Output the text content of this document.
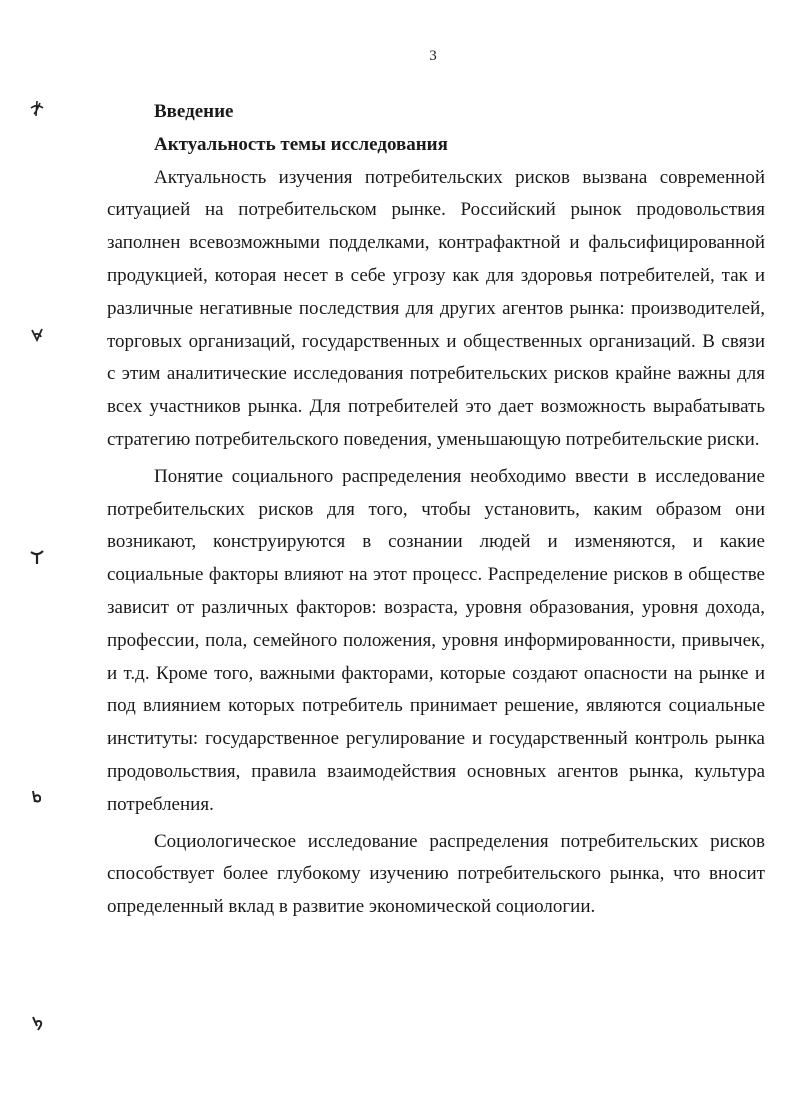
3

Введение

Актуальность темы исследования

Актуальность изучения потребительских рисков вызвана современной ситуацией на потребительском рынке. Российский рынок продовольствия заполнен всевозможными подделками, контрафактной и фальсифицированной продукцией, которая несет в себе угрозу как для здоровья потребителей, так и различные негативные последствия для других агентов рынка: производителей, торговых организаций, государственных и общественных организаций. В связи с этим аналитические исследования потребительских рисков крайне важны для всех участников рынка. Для потребителей это дает возможность вырабатывать стратегию потребительского поведения, уменьшающую потребительские риски.

Понятие социального распределения необходимо ввести в исследование потребительских рисков для того, чтобы установить, каким образом они возникают, конструируются в сознании людей и изменяются, и какие социальные факторы влияют на этот процесс. Распределение рисков в обществе зависит от различных факторов: возраста, уровня образования, уровня дохода, профессии, пола, семейного положения, уровня информированности, привычек, и т.д. Кроме того, важными факторами, которые создают опасности на рынке и под влиянием которых потребитель принимает решение, являются социальные институты: государственное регулирование и государственный контроль рынка продовольствия, правила взаимодействия основных агентов рынка, культура потребления.

Социологическое исследование распределения потребительских рисков способствует более глубокому изучению потребительского рынка, что вносит определенный вклад в развитие экономической социологии.
